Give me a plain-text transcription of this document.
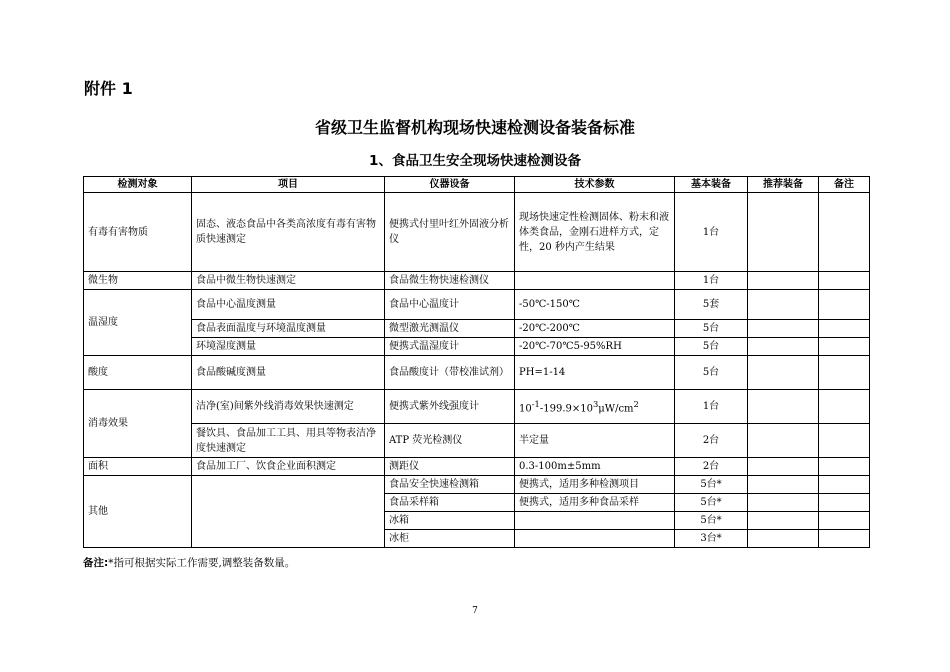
附件 1
省级卫生监督机构现场快速检测设备装备标准
1、食品卫生安全现场快速检测设备
检测对象	项目	仪器设备	技术参数	基本装备	推荐装备	备注
有毒有害物质	固态、液态食品中各类高浓度有毒有害物质快速测定	便携式付里叶红外固液分析仪	现场快速定性检测固体、粉末和液体类食品，金刚石进样方式，定性，20 秒内产生结果	1台		
微生物	食品中微生物快速测定	食品微生物快速检测仪		1台		
温湿度	食品中心温度测量	食品中心温度计	-50℃-150℃	5套		
	食品表面温度与环境温度测量	微型激光测温仪	-20℃-200℃	5台		
	环境湿度测量	便携式温湿度计	-20℃-70℃5-95%RH	5台		
酸度	食品酸碱度测量	食品酸度计（带校准试剂）	PH=1-14	5台		
消毒效果	洁净(室)间紫外线消毒效果快速测定	便携式紫外线强度计	$10^{-1}-199.9\times 10^3\mu W/cm^2$	1台		
	餐饮具、食品加工工具、用具等物表洁净度快速测定	ATP 荧光检测仪	半定量	2台		
面积	食品加工厂、饮食企业面积测定	测距仪	0.3-100m±5mm	2台		
其他		食品安全快速检测箱	便携式，适用多种检测项目	5台*		
		食品采样箱	便携式，适用多种食品采样	5台*		
		冰箱		5台*		
		冰柜		3台*		
备注:*指可根据实际工作需要,调整装备数量。
7
